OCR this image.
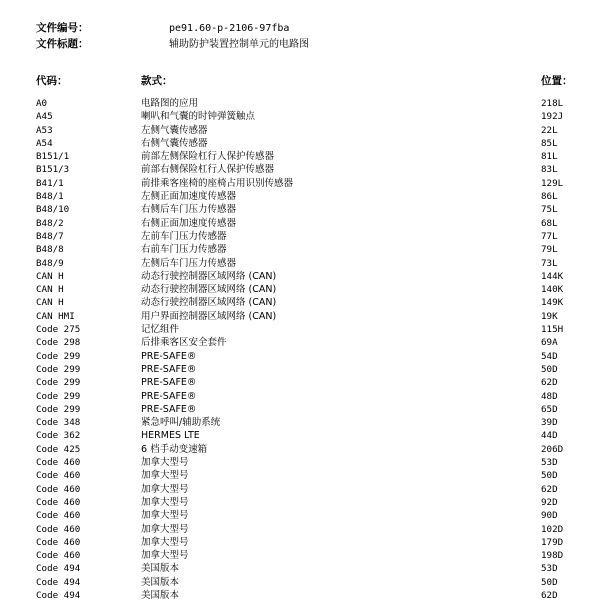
文件编号：	pe91.60-p-2106-97fba
文件标题：	辅助防护装置控制单元的电路图
代码：	款式：	位置：
A0	电路图的应用	218L
A45	喇叭和气囊的时钟弹簧触点	192J
A53	左侧气囊传感器	22L
A54	右侧气囊传感器	85L
B151/1	前部左侧保险杠行人保护传感器	81L
B151/3	前部右侧保险杠行人保护传感器	83L
B41/1	前排乘客座椅的座椅占用识别传感器	129L
B48/1	左侧正面加速度传感器	86L
B48/10	右侧后车门压力传感器	75L
B48/2	右侧正面加速度传感器	68L
B48/7	左前车门压力传感器	77L
B48/8	右前车门压力传感器	79L
B48/9	左侧后车门压力传感器	73L
CAN H	动态行驶控制器区域网络 (CAN)	144K
CAN H	动态行驶控制器区域网络 (CAN)	140K
CAN H	动态行驶控制器区域网络 (CAN)	149K
CAN HMI	用户界面控制器区域网络 (CAN)	19K
Code 275	记忆组件	115H
Code 298	后排乘客区安全套件	69A
Code 299	PRE-SAFE®	54D
Code 299	PRE-SAFE®	50D
Code 299	PRE-SAFE®	62D
Code 299	PRE-SAFE®	48D
Code 299	PRE-SAFE®	65D
Code 348	紧急呼叫/辅助系统	39D
Code 362	HERMES LTE	44D
Code 425	6 档手动变速箱	206D
Code 460	加拿大型号	53D
Code 460	加拿大型号	50D
Code 460	加拿大型号	62D
Code 460	加拿大型号	92D
Code 460	加拿大型号	90D
Code 460	加拿大型号	102D
Code 460	加拿大型号	179D
Code 460	加拿大型号	198D
Code 494	美国版本	53D
Code 494	美国版本	50D
Code 494	美国版本	62D
